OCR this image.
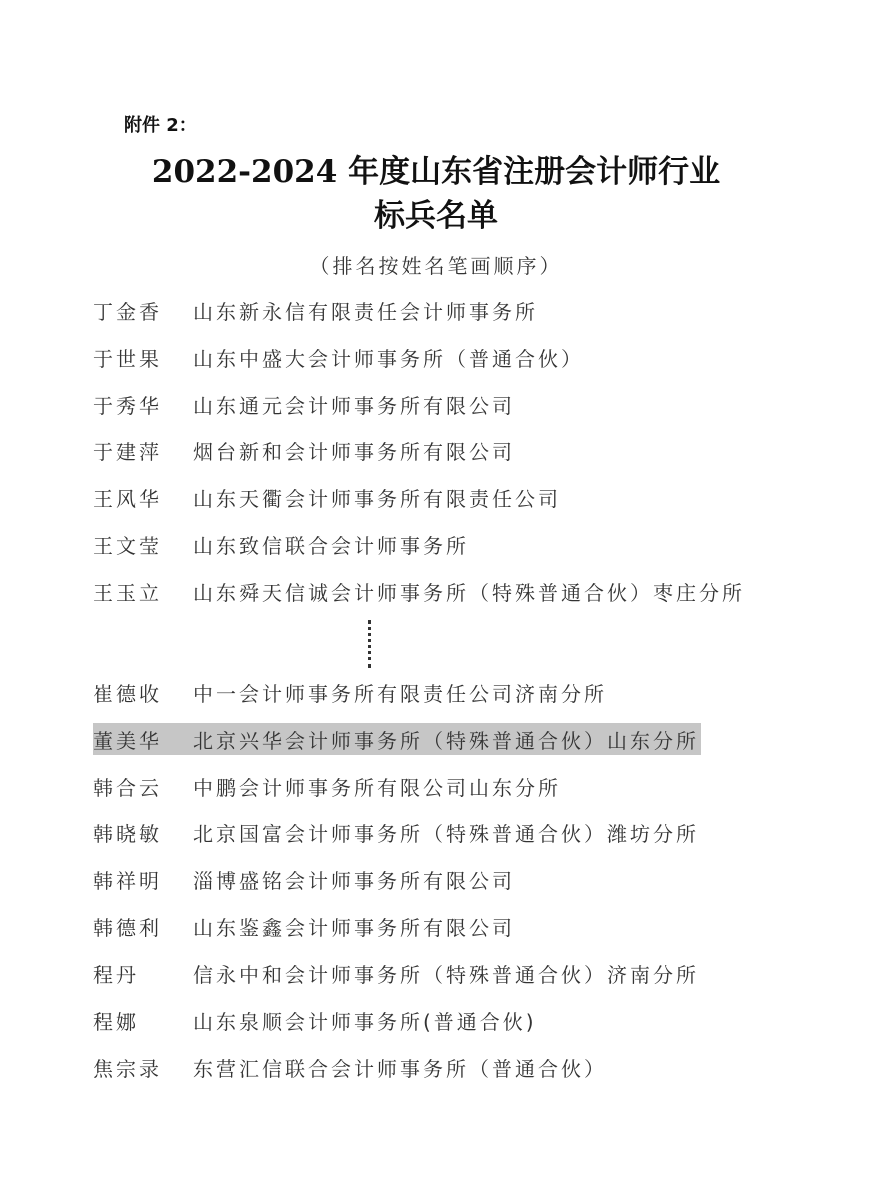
附件 2：
2022-2024 年度山东省注册会计师行业
标兵名单
（排名按姓名笔画顺序）
丁金香	山东新永信有限责任会计师事务所
于世果	山东中盛大会计师事务所（普通合伙）
于秀华	山东通元会计师事务所有限公司
于建萍	烟台新和会计师事务所有限公司
王风华	山东天衢会计师事务所有限责任公司
王文莹	山东致信联合会计师事务所
王玉立	山东舜天信诚会计师事务所（特殊普通合伙）枣庄分所
崔德收	中一会计师事务所有限责任公司济南分所
董美华	北京兴华会计师事务所（特殊普通合伙）山东分所
韩合云	中鹏会计师事务所有限公司山东分所
韩晓敏	北京国富会计师事务所（特殊普通合伙）潍坊分所
韩祥明	淄博盛铭会计师事务所有限公司
韩德利	山东鉴鑫会计师事务所有限公司
程丹	信永中和会计师事务所（特殊普通合伙）济南分所
程娜	山东泉顺会计师事务所(普通合伙)
焦宗录	东营汇信联合会计师事务所（普通合伙）
